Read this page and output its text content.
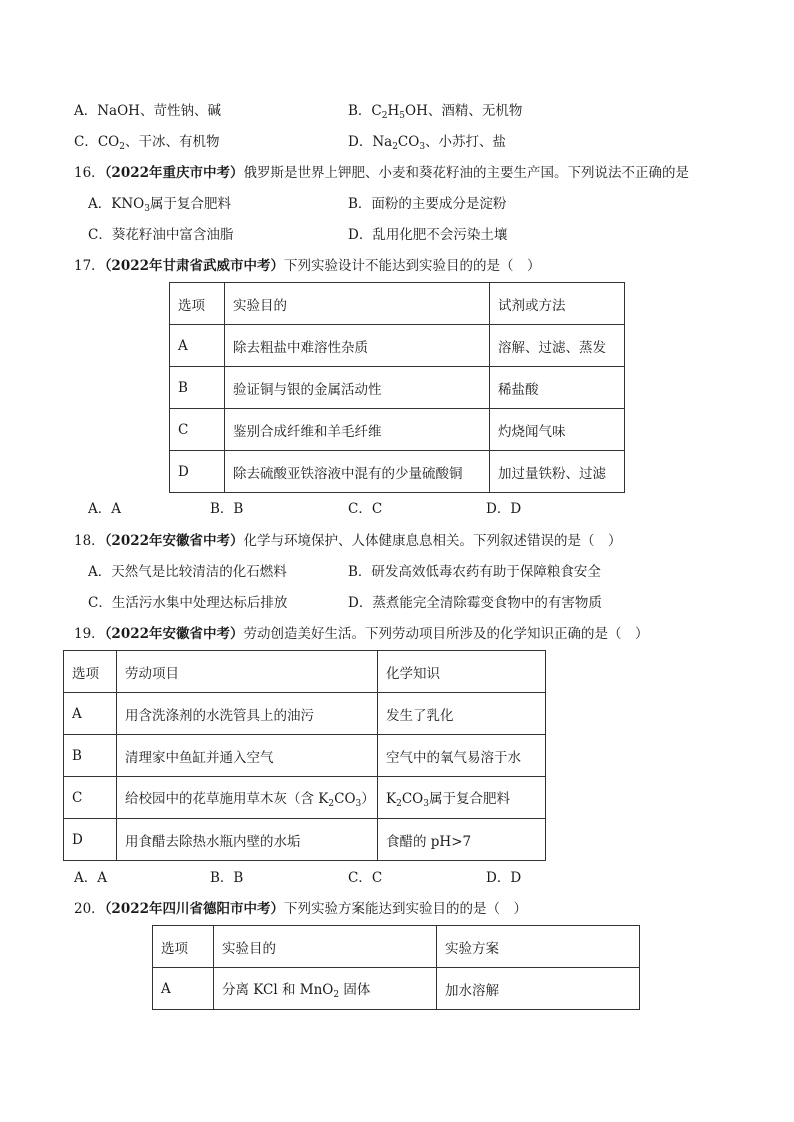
A．NaOH、苛性钠、碱	B．$C_2H_5OH$、酒精、无机物
C．$CO_2$、干冰、有机物	D．$Na_2CO_3$、小苏打、盐
16．（2022年重庆市中考）俄罗斯是世界上钾肥、小麦和葵花籽油的主要生产国。下列说法不正确的是
A．$KNO_3$属于复合肥料	B．面粉的主要成分是淀粉
C．葵花籽油中富含油脂	D．乱用化肥不会污染土壤
17．（2022年甘肃省武威市中考）下列实验设计不能达到实验目的的是（　）
选项	实验目的	试剂或方法
A	除去粗盐中难溶性杂质	溶解、过滤、蒸发
B	验证铜与银的金属活动性	稀盐酸
C	鉴别合成纤维和羊毛纤维	灼烧闻气味
D	除去硫酸亚铁溶液中混有的少量硫酸铜	加过量铁粉、过滤
A．A	B．B	C．C	D．D
18．（2022年安徽省中考）化学与环境保护、人体健康息息相关。下列叙述错误的是（　）
A．天然气是比较清洁的化石燃料	B．研发高效低毒农药有助于保障粮食安全
C．生活污水集中处理达标后排放	D．蒸煮能完全清除霉变食物中的有害物质
19．（2022年安徽省中考）劳动创造美好生活。下列劳动项目所涉及的化学知识正确的是（　）
选项	劳动项目	化学知识
A	用含洗涤剂的水洗管具上的油污	发生了乳化
B	清理家中鱼缸并通入空气	空气中的氧气易溶于水
C	给校园中的花草施用草木灰（含 $K_2CO_3$）	$K_2CO_3$属于复合肥料
D	用食醋去除热水瓶内壁的水垢	食醋的 pH>7
A．A	B．B	C．C	D．D
20．（2022年四川省德阳市中考）下列实验方案能达到实验目的的是（　）
选项	实验目的	实验方案
A	分离 KCl 和 MnO$_2$ 固体	加水溶解
